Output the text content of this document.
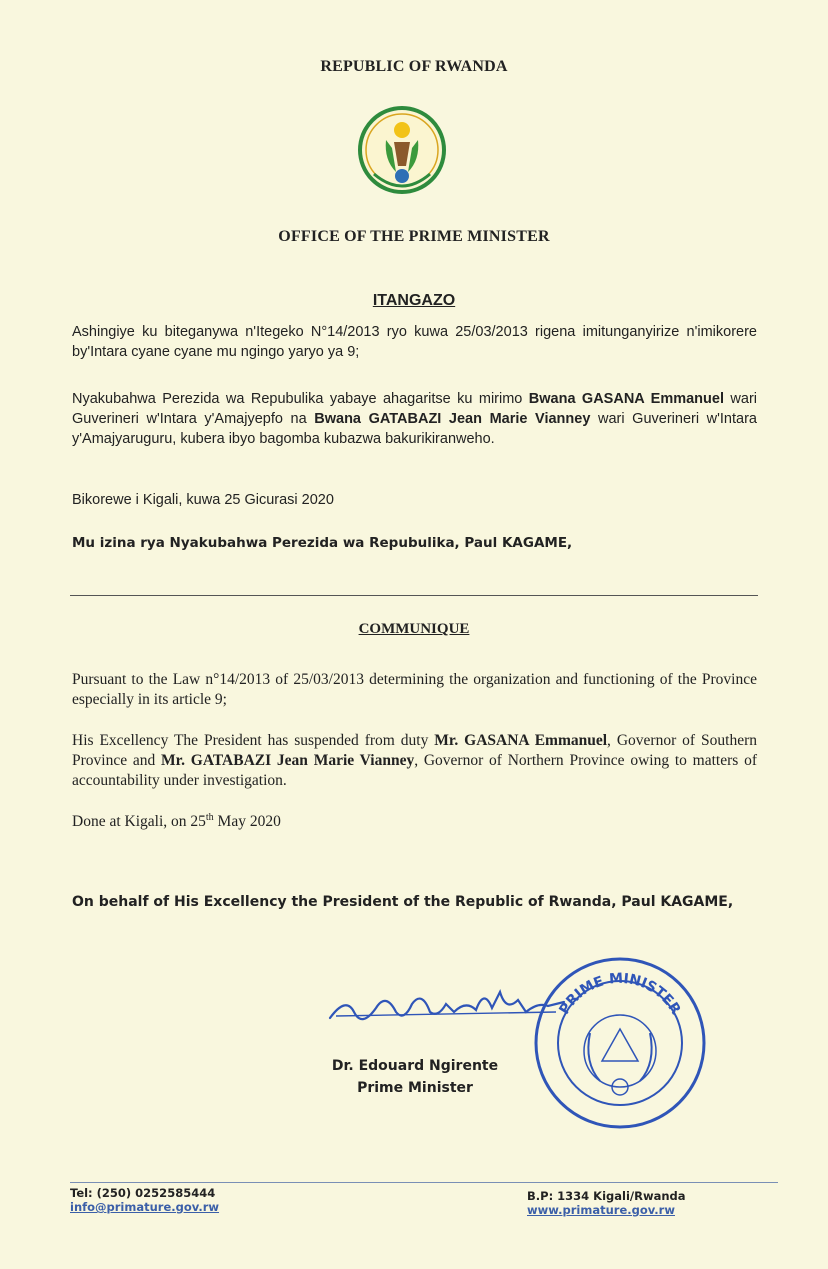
REPUBLIC OF RWANDA
OFFICE OF THE PRIME MINISTER
ITANGAZO
Ashingiye ku biteganywa n'Itegeko N°14/2013 ryo kuwa 25/03/2013 rigena imitunganyirize n'imikorere by'Intara cyane cyane mu ngingo yaryo ya 9;
Nyakubahwa Perezida wa Repubulika yabaye ahagaritse ku mirimo Bwana GASANA Emmanuel wari Guverineri w'Intara y'Amajyepfo na Bwana GATABAZI Jean Marie Vianney wari Guverineri w'Intara y'Amajyaruguru, kubera ibyo bagomba kubazwa bakurikiranweho.
Bikorewe i Kigali, kuwa 25 Gicurasi 2020
Mu izina rya Nyakubahwa Perezida wa Repubulika, Paul KAGAME,
COMMUNIQUE
Pursuant to the Law n°14/2013 of 25/03/2013 determining the organization and functioning of the Province especially in its article 9;
His Excellency The President has suspended from duty Mr. GASANA Emmanuel, Governor of Southern Province and Mr. GATABAZI Jean Marie Vianney, Governor of Northern Province owing to matters of accountability under investigation.
Done at Kigali, on 25th May 2020
On behalf of His Excellency the President of the Republic of Rwanda, Paul KAGAME,
Dr. Edouard Ngirente
Prime Minister
PRIME MINISTER
Tel: (250) 0252585444
info@primature.gov.rw
B.P: 1334 Kigali/Rwanda
www.primature.gov.rw
